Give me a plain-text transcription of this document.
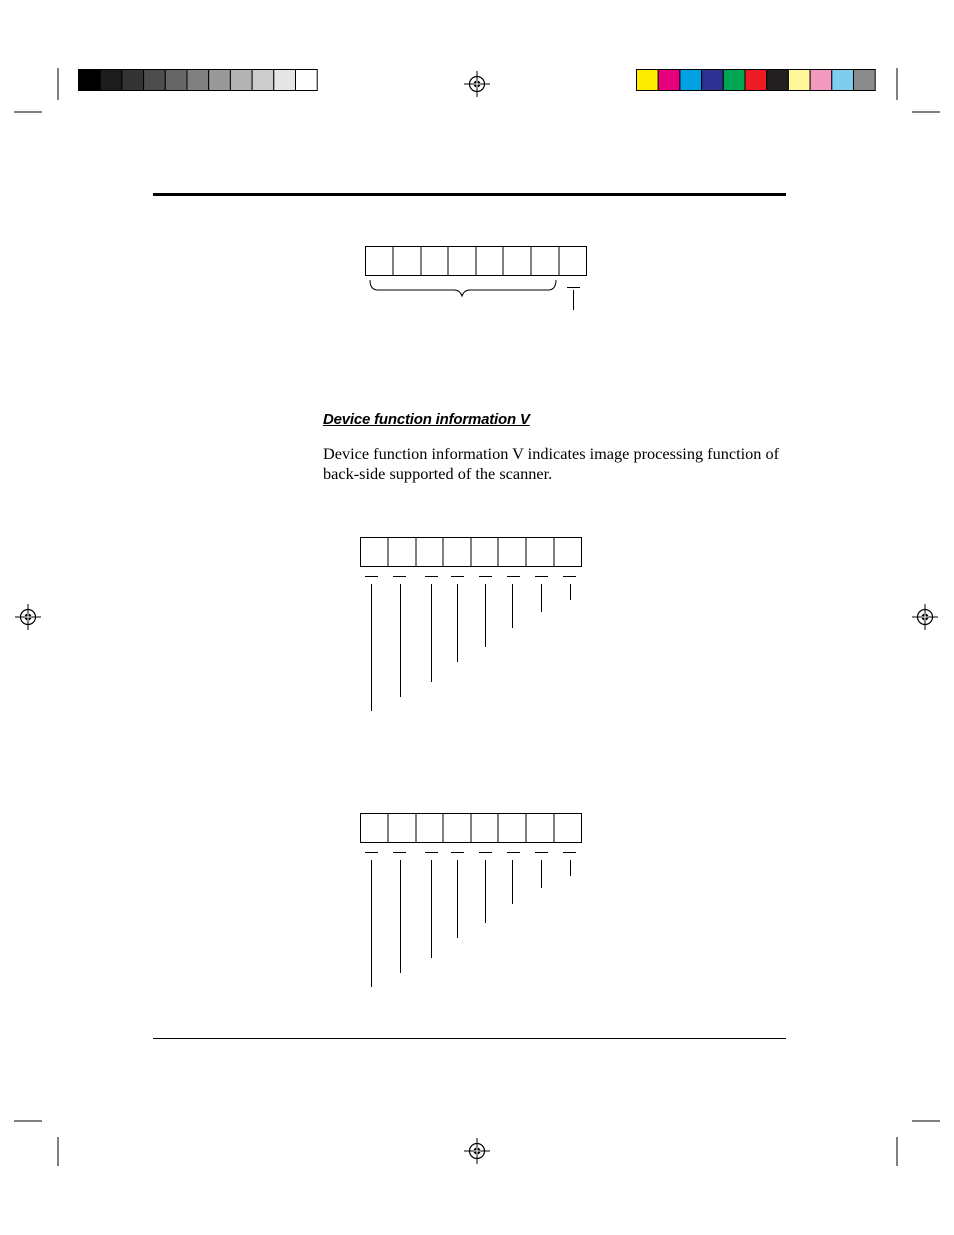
Device function information V
Device function information V indicates image processing function of back-side supported of the scanner.
